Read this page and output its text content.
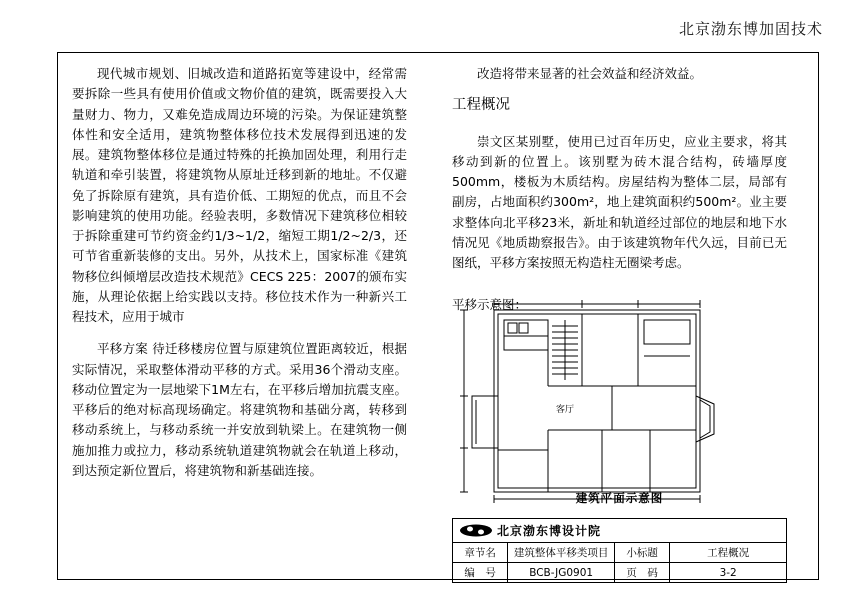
北京渤东博加固技术

现代城市规划、旧城改造和道路拓宽等建设中，经常需要拆除一些具有使用价值或文物价值的建筑，既需要投入大量财力、物力，又难免造成周边环境的污染。为保证建筑整体性和安全适用，建筑物整体移位技术发展得到迅速的发展。建筑物整体移位是通过特殊的托换加固处理，利用行走轨道和牵引装置，将建筑物从原址迁移到新的地址。不仅避免了拆除原有建筑，具有造价低、工期短的优点，而且不会影响建筑的使用功能。经验表明，多数情况下建筑移位相较于拆除重建可节约资金约1/3~1/2，缩短工期1/2~2/3，还可节省重新装修的支出。另外，从技术上，国家标准《建筑物移位纠倾增层改造技术规范》CECS 225：2007的颁布实施，从理论依据上给实践以支持。移位技术作为一种新兴工程技术，应用于城市

平移方案 待迁移楼房位置与原建筑位置距离较近，根据实际情况，采取整体滑动平移的方式。采用36个滑动支座。移动位置定为一层地梁下1M左右，在平移后增加抗震支座。平移后的绝对标高现场确定。将建筑物和基础分离，转移到移动系统上，与移动系统一并安放到轨梁上。在建筑物一侧施加推力或拉力，移动系统轨道建筑物就会在轨道上移动，到达预定新位置后，将建筑物和新基础连接。

改造将带来显著的社会效益和经济效益。

工程概况

崇文区某别墅，使用已过百年历史，应业主要求，将其移动到新的位置上。该别墅为砖木混合结构，砖墙厚度500mm，楼板为木质结构。房屋结构为整体二层，局部有副房，占地面积约300m²，地上建筑面积约500m²。业主要求整体向北平移23米，新址和轨道经过部位的地层和地下水情况见《地质勘察报告》。由于该建筑物年代久远，目前已无图纸，平移方案按照无构造柱无圈梁考虑。

平移示意图：

客厅
建筑平面示意图
北京渤东博设计院			
章节名	建筑整体平移类项目	小标题	工程概况
编　号	BCB-JG0901	页　码	3-2
